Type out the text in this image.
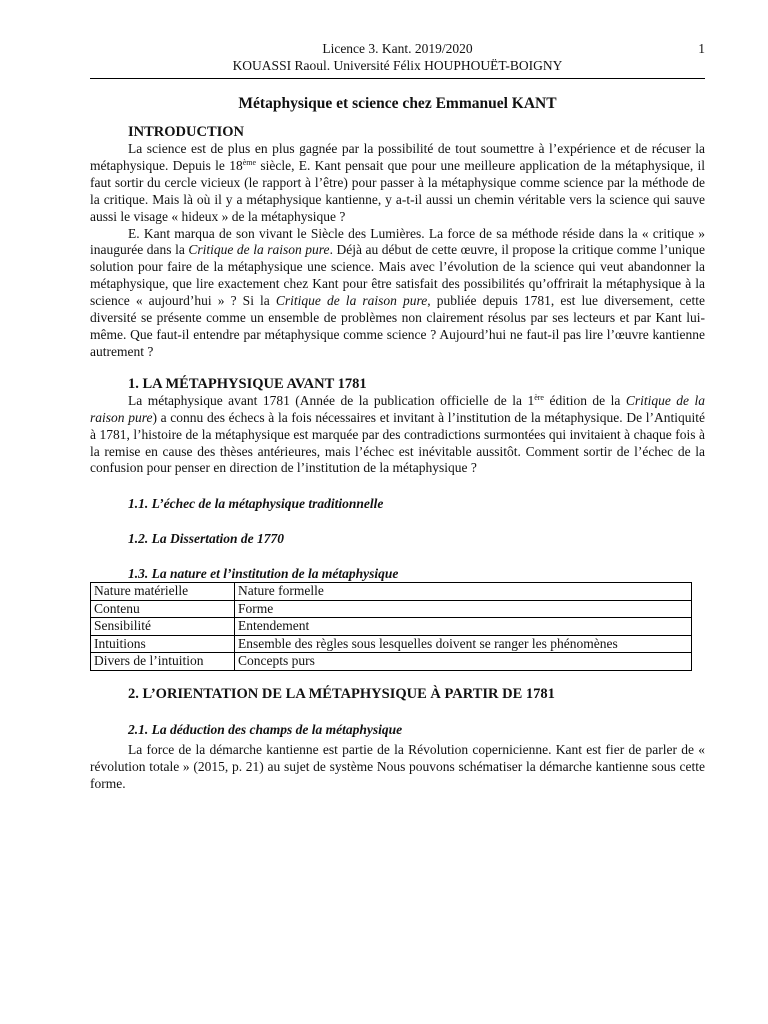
Licence 3. Kant. 2019/2020
KOUASSI Raoul. Université Félix HOUPHOUËT-BOIGNY
1
Métaphysique et science chez Emmanuel KANT
INTRODUCTION

La science est de plus en plus gagnée par la possibilité de tout soumettre à l’expérience et de récuser la métaphysique. Depuis le 18ème siècle, E. Kant pensait que pour une meilleure application de la métaphysique, il faut sortir du cercle vicieux (le rapport à l’être) pour passer à la métaphysique comme science par la méthode de la critique. Mais là où il y a métaphysique kantienne, y a-t-il aussi un chemin véritable vers la science qui sauve aussi le visage « hideux » de la métaphysique ?

E. Kant marqua de son vivant le Siècle des Lumières. La force de sa méthode réside dans la « critique » inaugurée dans la Critique de la raison pure. Déjà au début de cette œuvre, il propose la critique comme l’unique solution pour faire de la métaphysique une science. Mais avec l’évolution de la science qui veut abandonner la métaphysique, que lire exactement chez Kant pour être satisfait des possibilités qu’offrirait la métaphysique à la science « aujourd’hui » ? Si la Critique de la raison pure, publiée depuis 1781, est lue diversement, cette diversité se présente comme un ensemble de problèmes non clairement résolus par ses lecteurs et par Kant lui-même. Que faut-il entendre par métaphysique comme science ? Aujourd’hui ne faut-il pas lire l’œuvre kantienne autrement ?

1. LA MÉTAPHYSIQUE AVANT 1781

La métaphysique avant 1781 (Année de la publication officielle de la 1ère édition de la Critique de la raison pure) a connu des échecs à la fois nécessaires et invitant à l’institution de la métaphysique. De l’Antiquité à 1781, l’histoire de la métaphysique est marquée par des contradictions surmontées qui invitaient à chaque fois à la remise en cause des thèses antérieures, mais l’échec est inévitable aussitôt. Comment sortir de l’échec de la confusion pour penser en direction de l’institution de la métaphysique ?

1.1. L’échec de la métaphysique traditionnelle
1.2. La Dissertation de 1770
1.3. La nature et l’institution de la métaphysique
Nature matérielle	Nature formelle
Contenu	Forme
Sensibilité	Entendement
Intuitions	Ensemble des règles sous lesquelles doivent se ranger les phénomènes
Divers de l’intuition	Concepts purs
2. L’ORIENTATION DE LA MÉTAPHYSIQUE À PARTIR DE 1781
2.1. La déduction des champs de la métaphysique

La force de la démarche kantienne est partie de la Révolution copernicienne. Kant est fier de parler de « révolution totale » (2015, p. 21) au sujet de système Nous pouvons schématiser la démarche kantienne sous cette forme.
